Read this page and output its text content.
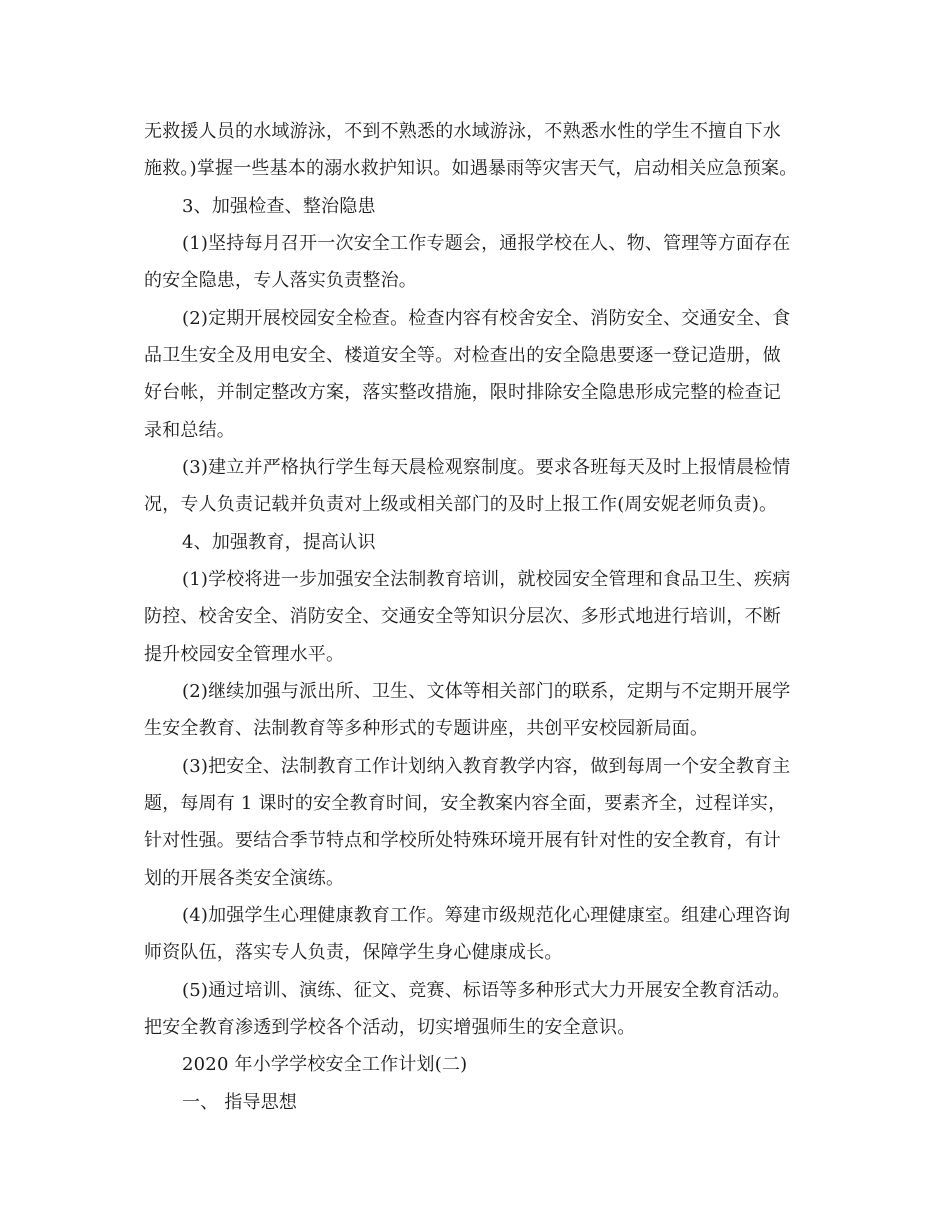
无救援人员的水域游泳，不到不熟悉的水域游泳，不熟悉水性的学生不擅自下水
施救。)掌握一些基本的溺水救护知识。如遇暴雨等灾害天气，启动相关应急预案。
3、加强检查、整治隐患
(1)坚持每月召开一次安全工作专题会，通报学校在人、物、管理等方面存在
的安全隐患，专人落实负责整治。
(2)定期开展校园安全检查。检查内容有校舍安全、消防安全、交通安全、食
品卫生安全及用电安全、楼道安全等。对检查出的安全隐患要逐一登记造册，做
好台帐，并制定整改方案，落实整改措施，限时排除安全隐患形成完整的检查记
录和总结。
(3)建立并严格执行学生每天晨检观察制度。要求各班每天及时上报情晨检情
况，专人负责记载并负责对上级或相关部门的及时上报工作(周安妮老师负责)。
4、加强教育，提高认识
(1)学校将进一步加强安全法制教育培训，就校园安全管理和食品卫生、疾病
防控、校舍安全、消防安全、交通安全等知识分层次、多形式地进行培训，不断
提升校园安全管理水平。
(2)继续加强与派出所、卫生、文体等相关部门的联系，定期与不定期开展学
生安全教育、法制教育等多种形式的专题讲座，共创平安校园新局面。
(3)把安全、法制教育工作计划纳入教育教学内容，做到每周一个安全教育主
题，每周有 1 课时的安全教育时间，安全教案内容全面，要素齐全，过程详实，
针对性强。要结合季节特点和学校所处特殊环境开展有针对性的安全教育，有计
划的开展各类安全演练。
(4)加强学生心理健康教育工作。筹建市级规范化心理健康室。组建心理咨询
师资队伍，落实专人负责，保障学生身心健康成长。
(5)通过培训、演练、征文、竞赛、标语等多种形式大力开展安全教育活动。
把安全教育渗透到学校各个活动，切实增强师生的安全意识。
2020 年小学学校安全工作计划(二)
一、 指导思想
